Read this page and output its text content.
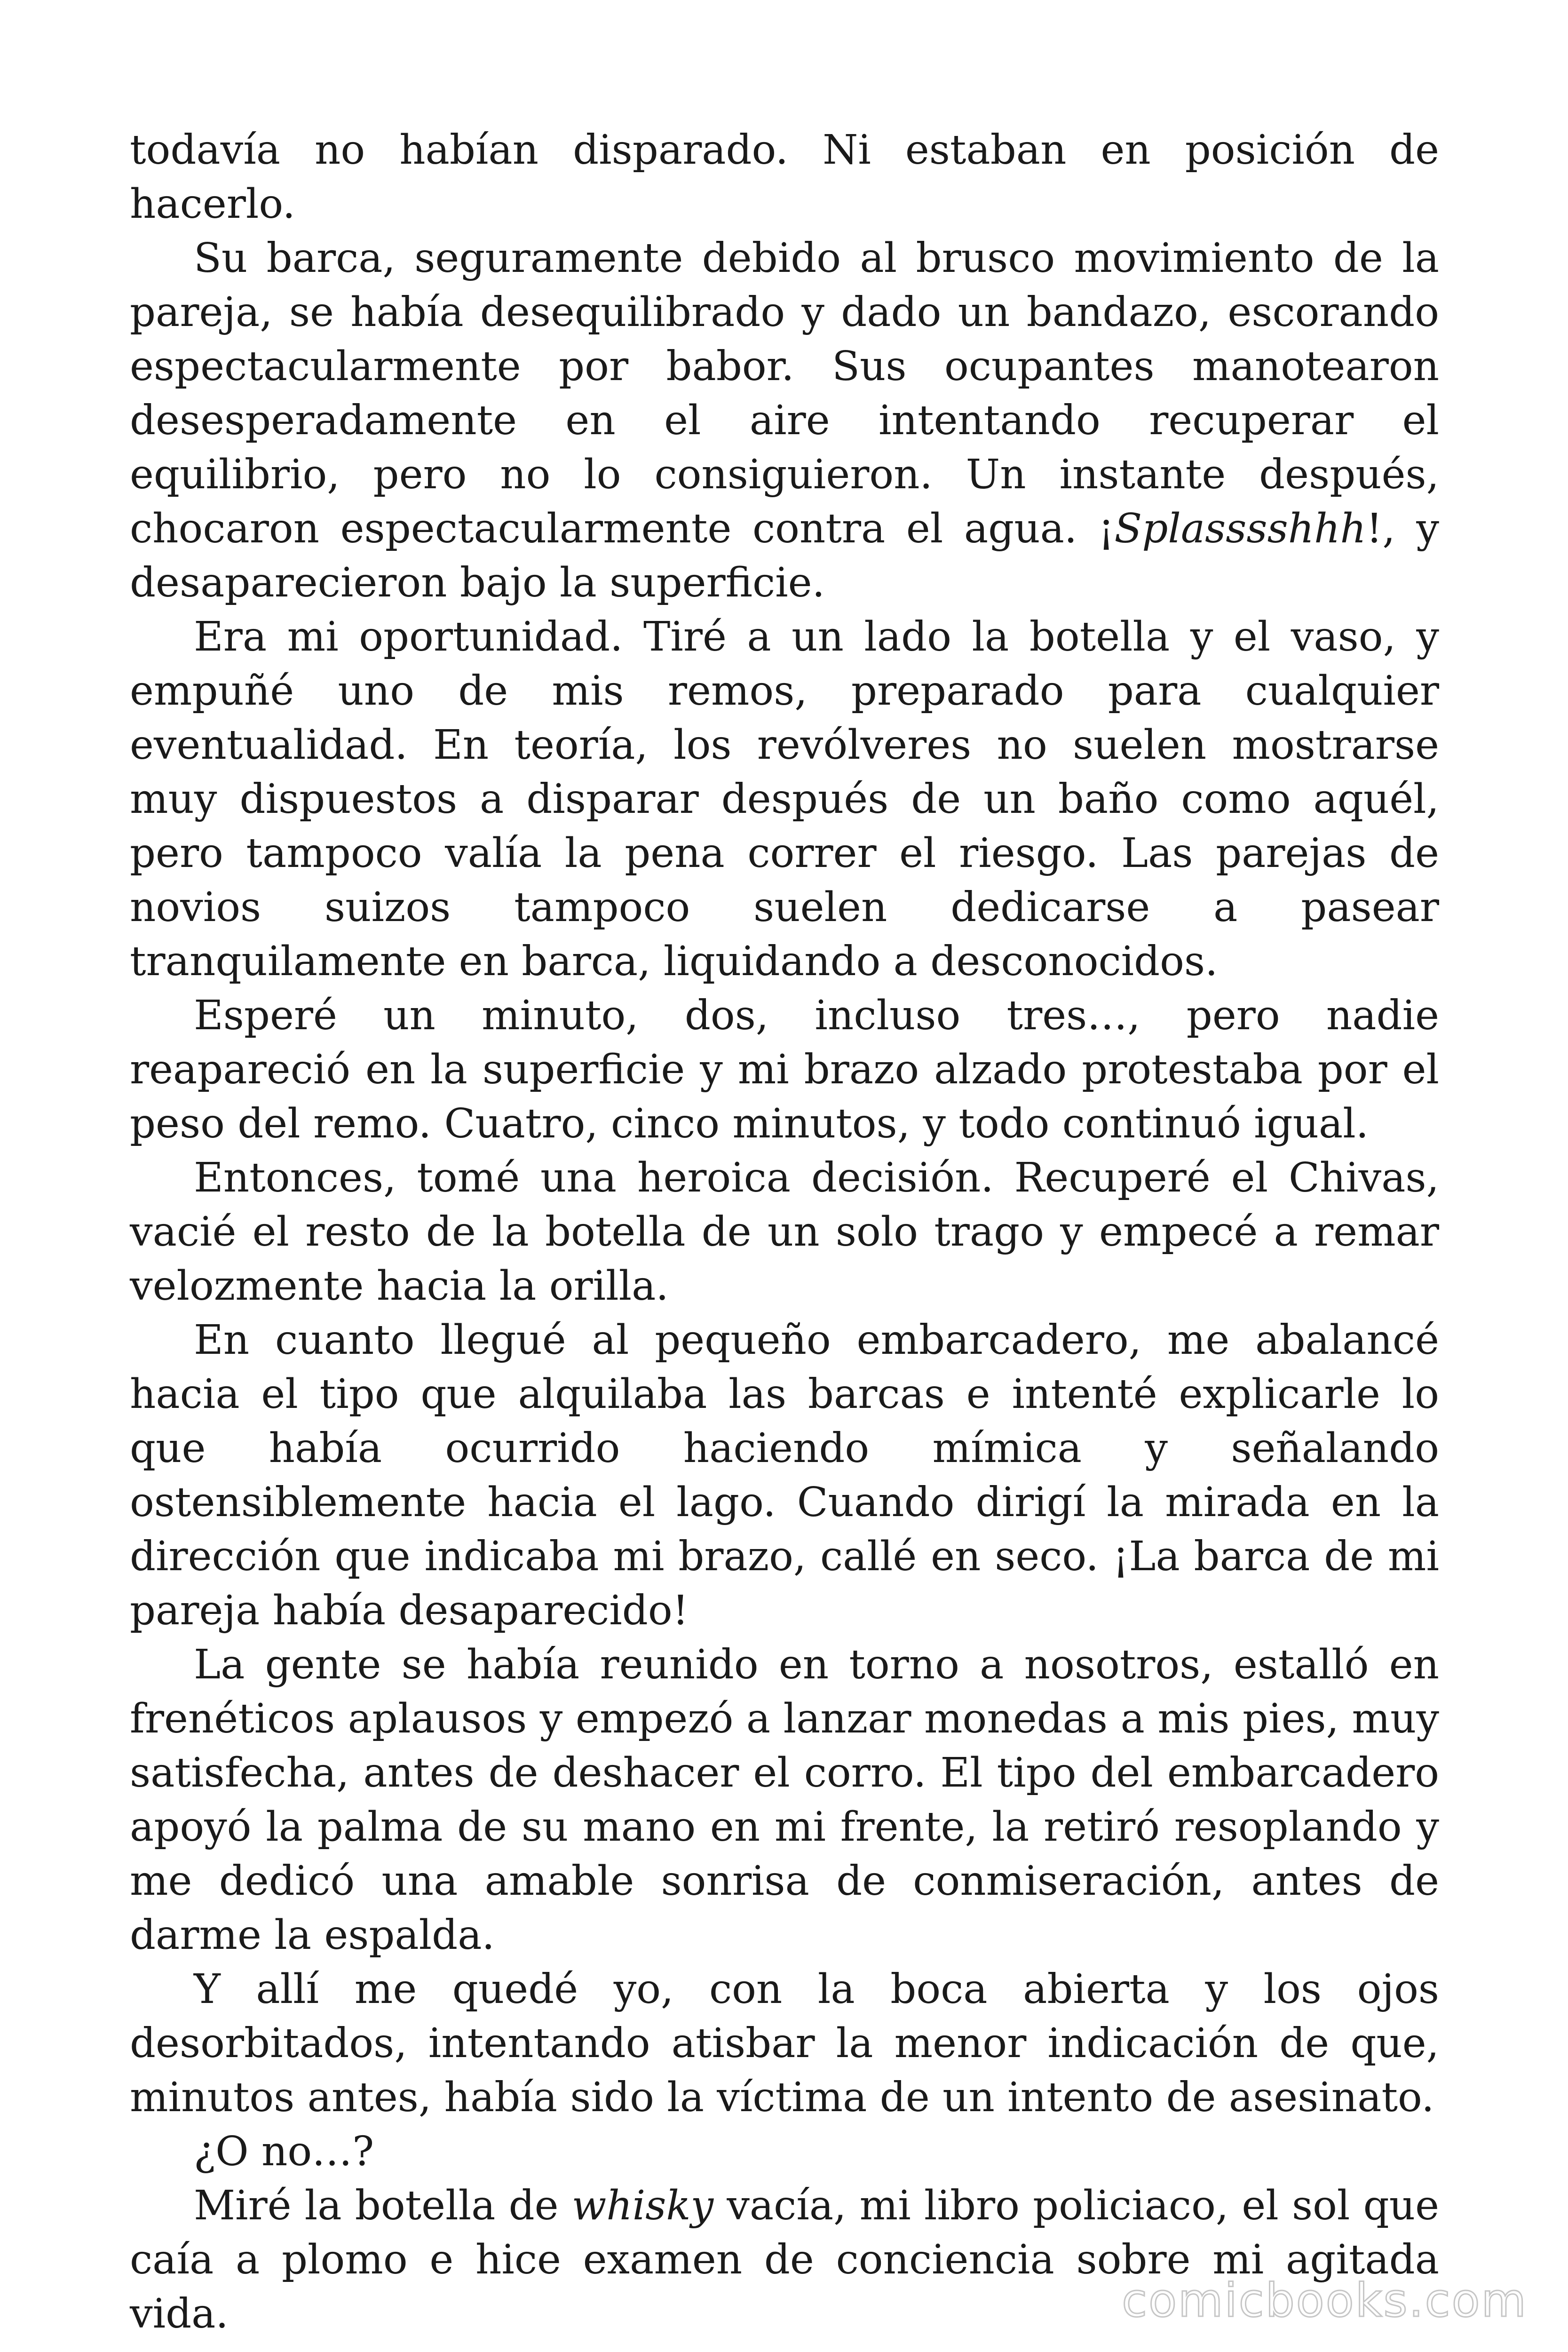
todavía no habían disparado. Ni estaban en posición de hacerlo.

Su barca, seguramente debido al brusco movimiento de la pareja, se había desequilibrado y dado un bandazo, escorando espectacularmente por babor. Sus ocupantes manotearon desesperadamente en el aire intentando recuperar el equilibrio, pero no lo consiguieron. Un instante después, chocaron espectacularmente contra el agua. ¡Splasssshhh!, y desaparecieron bajo la superficie.

Era mi oportunidad. Tiré a un lado la botella y el vaso, y empuñé uno de mis remos, preparado para cualquier eventualidad. En teoría, los revólveres no suelen mostrarse muy dispuestos a disparar después de un baño como aquél, pero tampoco valía la pena correr el riesgo. Las parejas de novios suizos tampoco suelen dedicarse a pasear tranquilamente en barca, liquidando a desconocidos.

Esperé un minuto, dos, incluso tres…, pero nadie reapareció en la superficie y mi brazo alzado protestaba por el peso del remo. Cuatro, cinco minutos, y todo continuó igual.

Entonces, tomé una heroica decisión. Recuperé el Chivas, vacié el resto de la botella de un solo trago y empecé a remar velozmente hacia la orilla.

En cuanto llegué al pequeño embarcadero, me abalancé hacia el tipo que alquilaba las barcas e intenté explicarle lo que había ocurrido haciendo mímica y señalando ostensiblemente hacia el lago. Cuando dirigí la mirada en la dirección que indicaba mi brazo, callé en seco. ¡La barca de mi pareja había desaparecido!

La gente se había reunido en torno a nosotros, estalló en frenéticos aplausos y empezó a lanzar monedas a mis pies, muy satisfecha, antes de deshacer el corro. El tipo del embarcadero apoyó la palma de su mano en mi frente, la retiró resoplando y me dedicó una amable sonrisa de conmiseración, antes de darme la espalda.

Y allí me quedé yo, con la boca abierta y los ojos desorbitados, intentando atisbar la menor indicación de que, minutos antes, había sido la víctima de un intento de asesinato.

¿O no…?

Miré la botella de whisky vacía, mi libro policiaco, el sol que caía a plomo e hice examen de conciencia sobre mi agitada vida.	comicbooks.com
